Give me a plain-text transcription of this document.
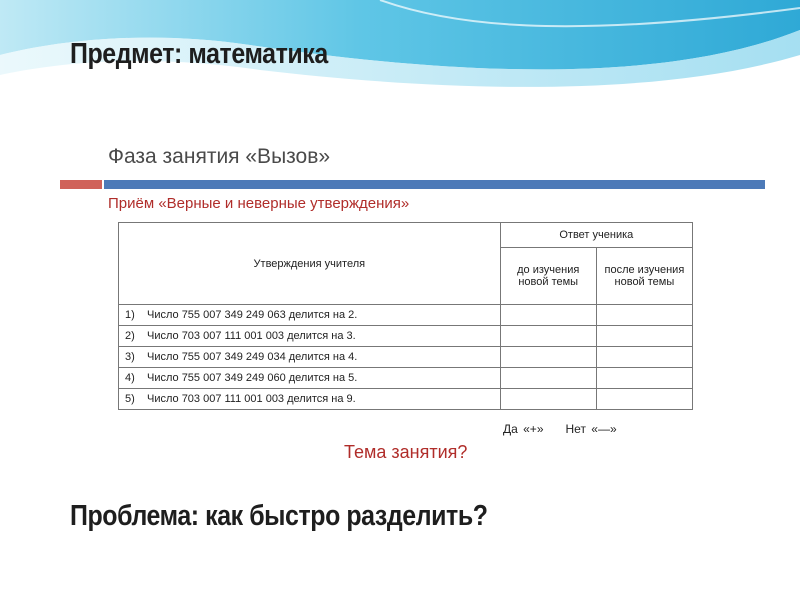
Предмет: математика
Фаза занятия «Вызов»
Приём «Верные и неверные утверждения»
Утверждения учителя	Ответ ученика	
	до изучения новой темы	после изучения новой темы
1) Число 755 007 349 249 063 делится на 2.		
2) Число 703 007 111 001 003 делится на 3.		
3) Число 755 007 349 249 034 делится на 4.		
4) Число 755 007 349 249 060 делится на 5.		
5) Число 703 007 111 001 003 делится на 9.		
Да «+» Нет «—»
Тема занятия?
Проблема: как быстро разделить?
